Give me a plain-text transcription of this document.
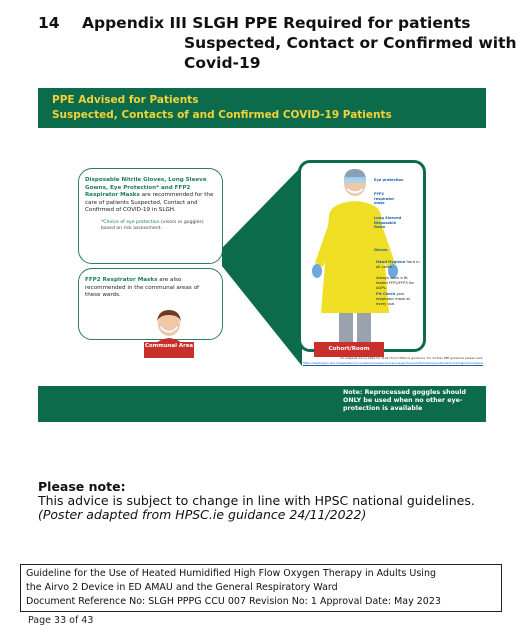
14 Appendix III SLGH PPE Required for patients
Suspected, Contact or Confirmed with
Covid-19
PPE Advised for Patients
Suspected, Contacts of and Confirmed COVID-19 Patients
Disposable Nitrile Gloves, Long Sleeve Gowns, Eye Protection* and FFP2 Respirator Masks are recommended for the care of patients Suspected, Contact and Confirmed of COVID-19 in SLGH.
*Choice of eye protection (visors or goggles) based on risk assessment.
FFP2 Respirator Masks are also recommended in the communal areas of these wards.
Communal Area	Cohort/Room
Eye protection
FFP2 respirator mask
Long Sleeved Disposable Gown
Gloves
Hand Hygiene front in all cases.
Always wear a fit tested FFP2/FFP3 for AGPs.
Fit Check your respirator mask at every use.
V3 Adapted 24.11.2022 for SLGH from HPSC.ie guidance. For further PPE guidance please visit:
https://www.hpsc.ie/a-z/respiratory/coronavirus/novelcoronavirus/guidance/infectionpreventionandcontrolguidance/ppe/
Note: Reprocessed goggles should ONLY be used when no other eye-protection is available
Please note:
This advice is subject to change in line with HPSC national guidelines.
(Poster adapted from HPSC.ie guidance 24/11/2022)
Guideline for the Use of Heated Humidified High Flow Oxygen Therapy in Adults Using
the Airvo 2 Device in ED AMAU and the General Respiratory Ward
Document Reference No: SLGH PPPG CCU 007 Revision No: 1 Approval Date: May 2023
Page 33 of 43
